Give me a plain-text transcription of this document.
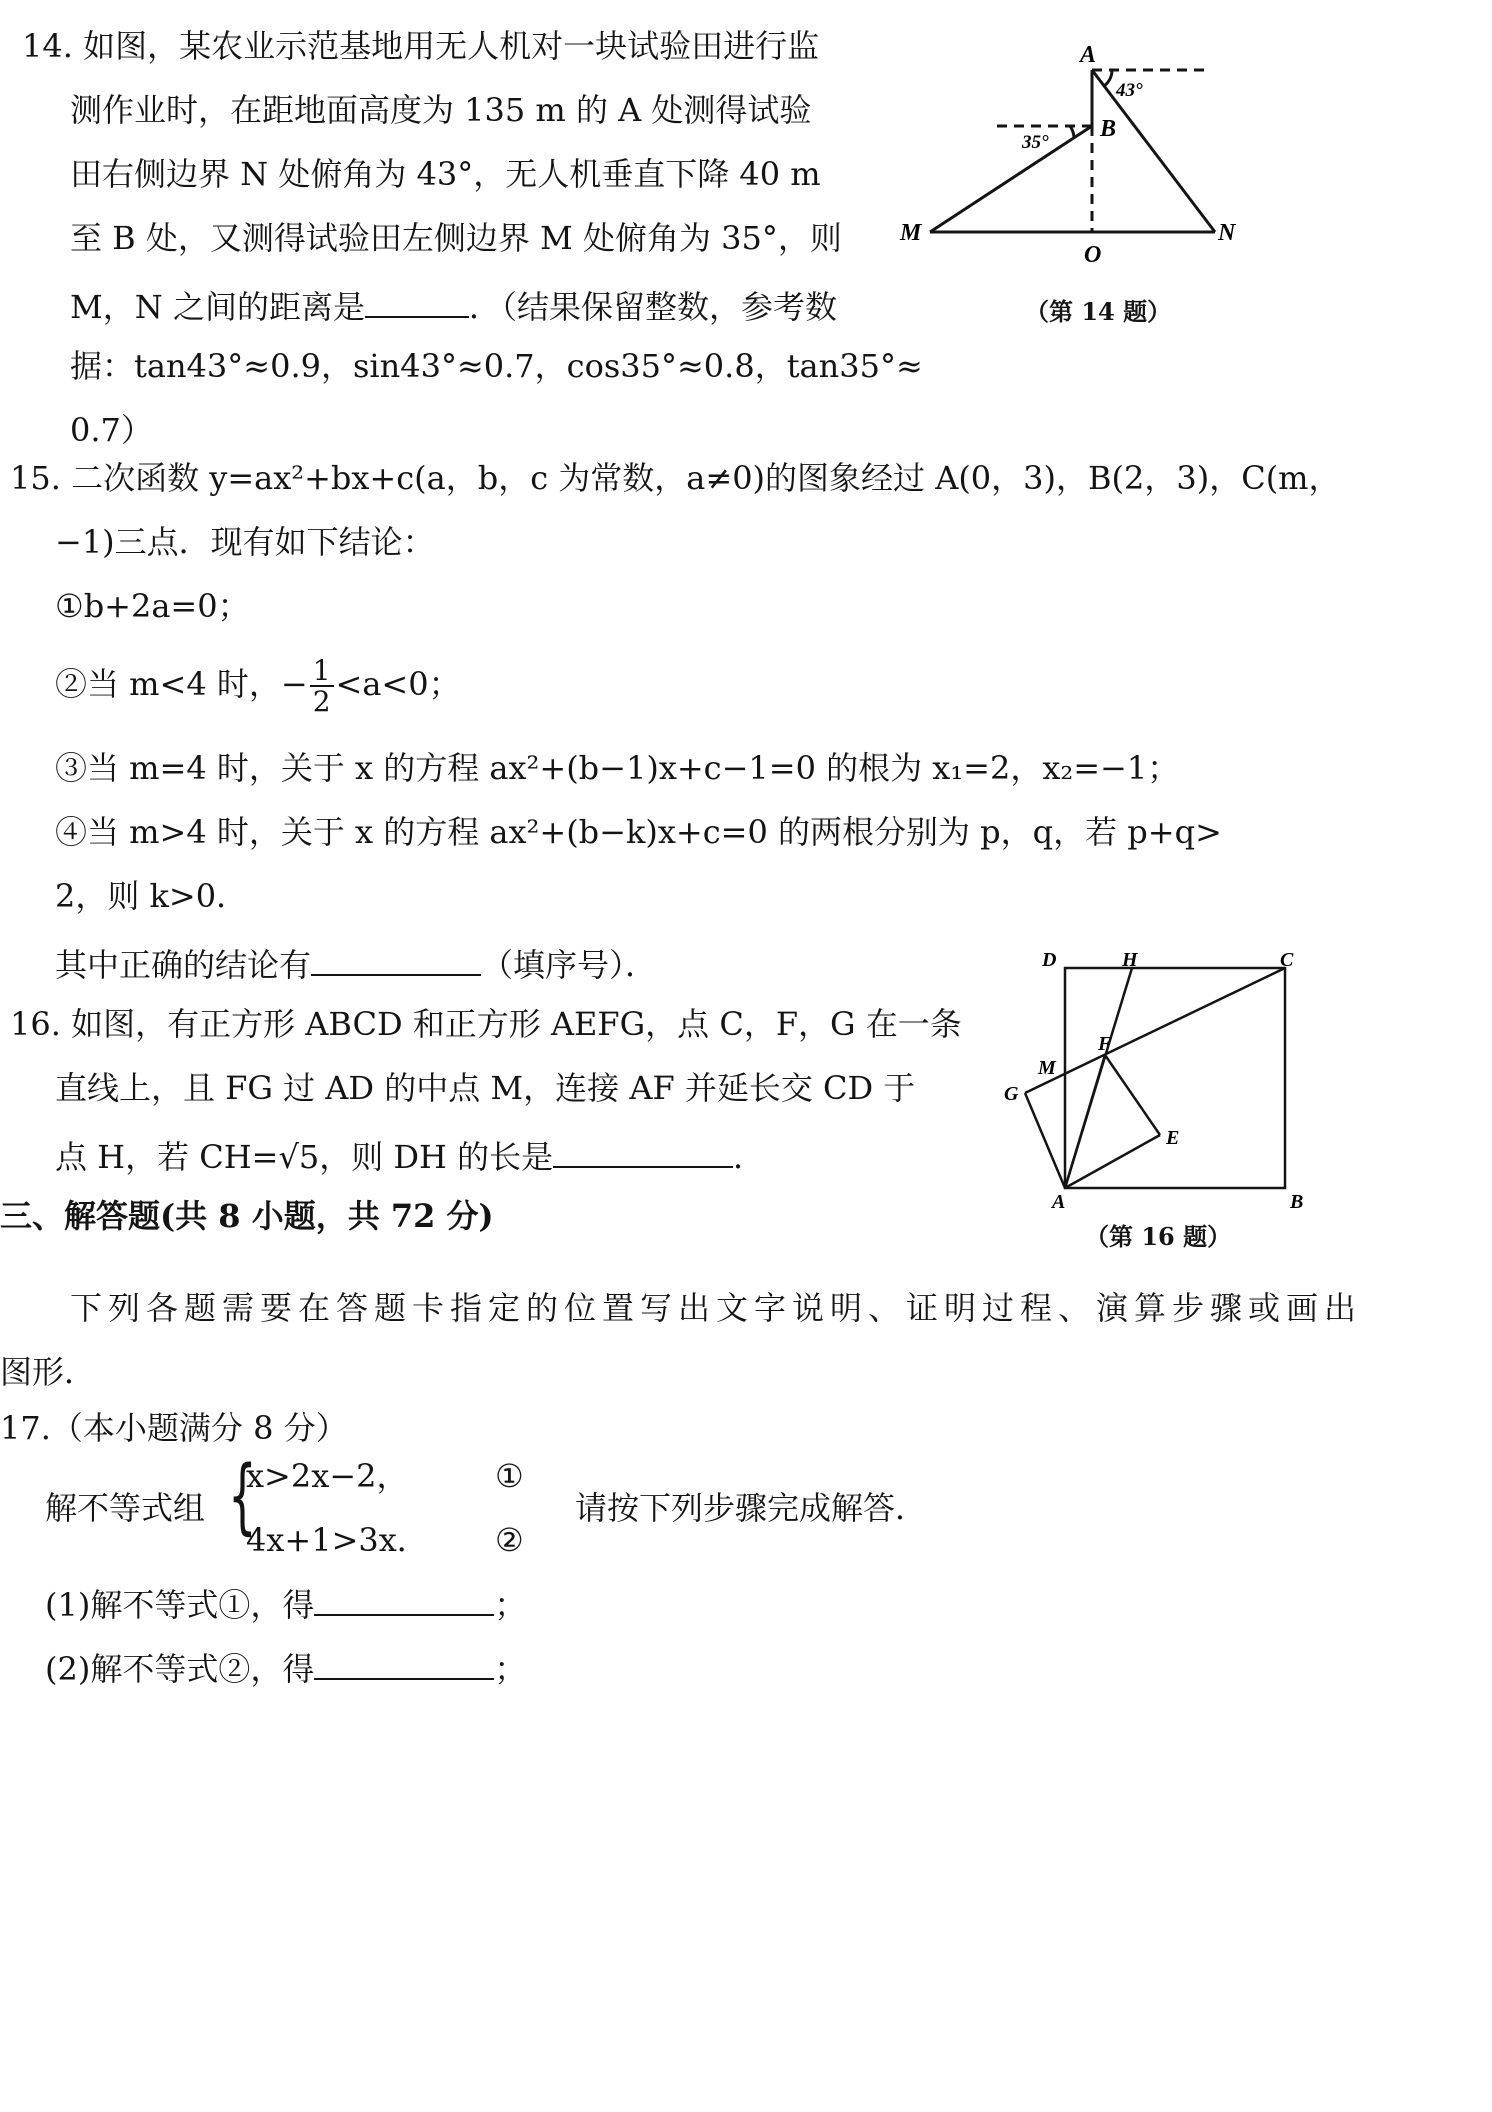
14. 如图，某农业示范基地用无人机对一块试验田进行监
测作业时，在距地面高度为 135 m 的 A 处测得试验
田右侧边界 N 处俯角为 43°，无人机垂直下降 40 m
至 B 处，又测得试验田左侧边界 M 处俯角为 35°，则
M，N 之间的距离是	．（结果保留整数，参考数
据：tan43°≈0.9，sin43°≈0.7，cos35°≈0.8，tan35°≈
0.7）
A
B
O
M	N
43°
35°
（第 14 题）
15. 二次函数 y=ax²+bx+c(a，b，c 为常数，a≠0)的图象经过 A(0，3)，B(2，3)，C(m，
−1)三点．现有如下结论：
①b+2a=0；
②当 m<4 时，− $\frac{1}{2} <a<0$；
③当 m=4 时，关于 x 的方程 ax²+(b−1)x+c−1=0 的根为 x₁=2，x₂=−1；
④当 m>4 时，关于 x 的方程 ax²+(b−k)x+c=0 的两根分别为 p，q，若 p+q>
2，则 k>0．
其中正确的结论有	（填序号）．
16. 如图，有正方形 ABCD 和正方形 AEFG，点 C，F，G 在一条
直线上，且 FG 过 AD 的中点 M，连接 AF 并延长交 CD 于
点 H，若 CH=√5，则 DH 的长是	．
D	H	C
M
F
G
E
A	B
（第 16 题）
三、解答题(共 8 小题，共 72 分)
下列各题需要在答题卡指定的位置写出文字说明、证明过程、演算步骤或画出
图形．
17.（本小题满分 8 分）
解不等式组 {
x>2x−2，
4x+1>3x．
①
②
请按下列步骤完成解答．
(1)解不等式①，得	；
(2)解不等式②，得	；
